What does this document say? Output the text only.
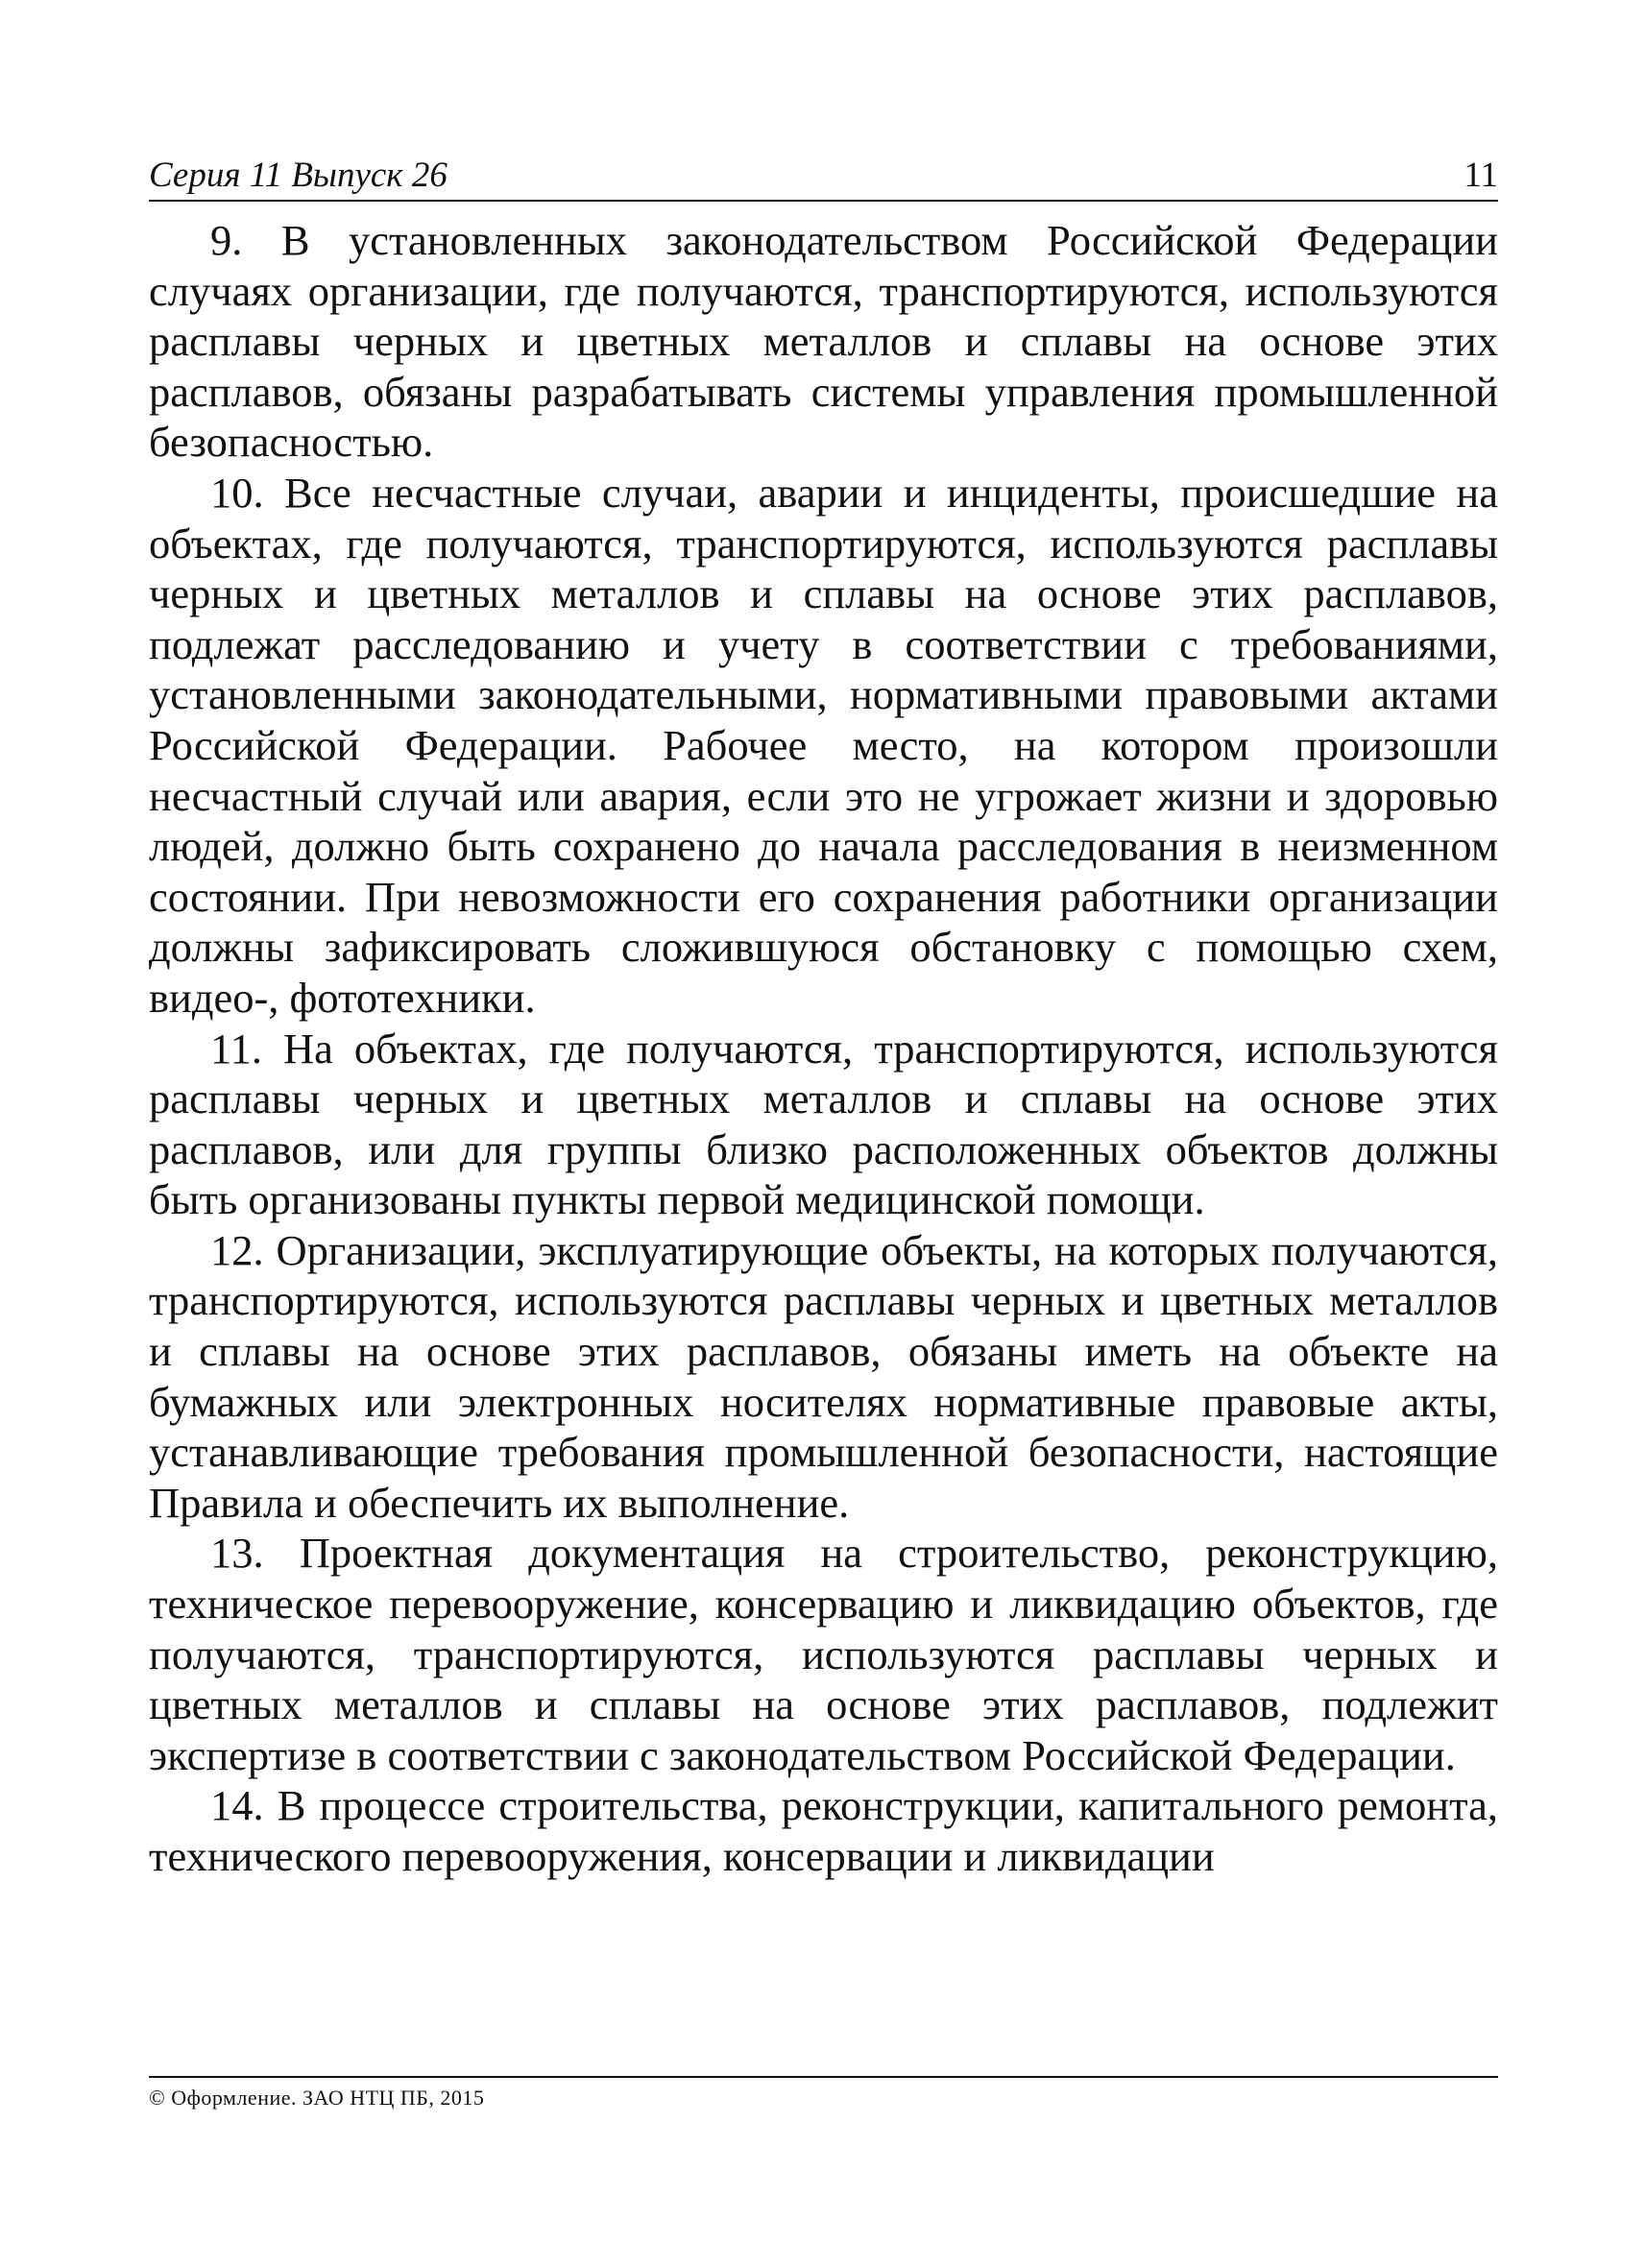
Серия 11 Выпуск 26	11

9. В установленных законодательством Российской Федерации случаях организации, где получаются, транспортируются, используются расплавы черных и цветных металлов и сплавы на основе этих расплавов, обязаны разрабатывать системы управления промышленной безопасностью.

10. Все несчастные случаи, аварии и инциденты, происшедшие на объектах, где получаются, транспортируются, используются расплавы черных и цветных металлов и сплавы на основе этих расплавов, подлежат расследованию и учету в соответствии с требованиями, установленными законодательными, нормативными правовыми актами Российской Федерации. Рабочее место, на котором произошли несчастный случай или авария, если это не угрожает жизни и здоровью людей, должно быть сохранено до начала расследования в неизменном состоянии. При невозможности его сохранения работники организации должны зафиксировать сложившуюся обстановку с помощью схем, видео-, фототехники.

11. На объектах, где получаются, транспортируются, используются расплавы черных и цветных металлов и сплавы на основе этих расплавов, или для группы близко расположенных объектов должны быть организованы пункты первой медицинской помощи.

12. Организации, эксплуатирующие объекты, на которых получаются, транспортируются, используются расплавы черных и цветных металлов и сплавы на основе этих расплавов, обязаны иметь на объекте на бумажных или электронных носителях нормативные правовые акты, устанавливающие требования промышленной безопасности, настоящие Правила и обеспечить их выполнение.

13. Проектная документация на строительство, реконструкцию, техническое перевооружение, консервацию и ликвидацию объектов, где получаются, транспортируются, используются расплавы черных и цветных металлов и сплавы на основе этих расплавов, подлежит экспертизе в соответствии с законодательством Российской Федерации.

14. В процессе строительства, реконструкции, капитального ремонта, технического перевооружения, консервации и ликвидации

© Оформление. ЗАО НТЦ ПБ, 2015
